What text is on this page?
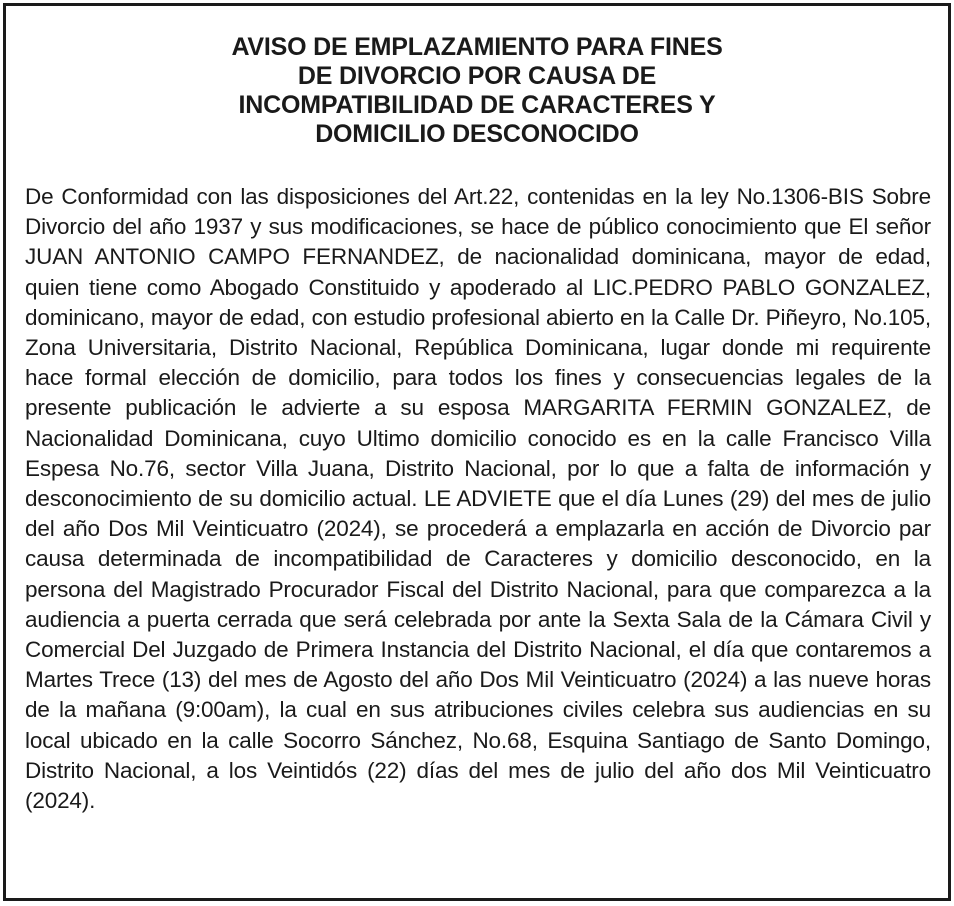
AVISO DE EMPLAZAMIENTO PARA FINES
DE DIVORCIO POR CAUSA DE
INCOMPATIBILIDAD DE CARACTERES Y
DOMICILIO DESCONOCIDO

De Conformidad con las disposiciones del Art.22, contenidas en la ley No.1306-BIS Sobre Divorcio del año 1937 y sus modificaciones, se hace de público conocimiento que El señor JUAN ANTONIO CAMPO FERNANDEZ, de nacionalidad dominicana, mayor de edad, quien tiene como Abogado Constituido y apoderado al LIC.PEDRO PABLO GONZALEZ, dominicano, mayor de edad, con estudio profesional abierto en la Calle Dr. Piñeyro, No.105, Zona Universitaria, Distrito Nacional, República Dominicana, lugar donde mi requirente hace formal elección de domicilio, para todos los fines y consecuencias legales de la presente publicación le advierte a su esposa MARGARITA FERMIN GONZALEZ, de Nacionalidad Dominicana, cuyo Ultimo domicilio conocido es en la calle Francisco Villa Espesa No.76, sector Villa Juana, Distrito Nacional, por lo que a falta de información y desconocimiento de su domicilio actual. LE ADVIETE que el día Lunes (29) del mes de julio del año Dos Mil Veinticuatro (2024), se procederá a emplazarla en acción de Divorcio par causa determinada de incompatibilidad de Caracteres y domicilio desconocido, en la persona del Magistrado Procurador Fiscal del Distrito Nacional, para que comparezca a la audiencia a puerta cerrada que será celebrada por ante la Sexta Sala de la Cámara Civil y Comercial Del Juzgado de Primera Instancia del Distrito Nacional, el día que contaremos a Martes Trece (13) del mes de Agosto del año Dos Mil Veinticuatro (2024) a las nueve horas de la mañana (9:00am), la cual en sus atribuciones civiles celebra sus audiencias en su local ubicado en la calle Socorro Sánchez, No.68, Esquina Santiago de Santo Domingo, Distrito Nacional, a los Veintidós (22) días del mes de julio del año dos Mil Veinticuatro (2024).
